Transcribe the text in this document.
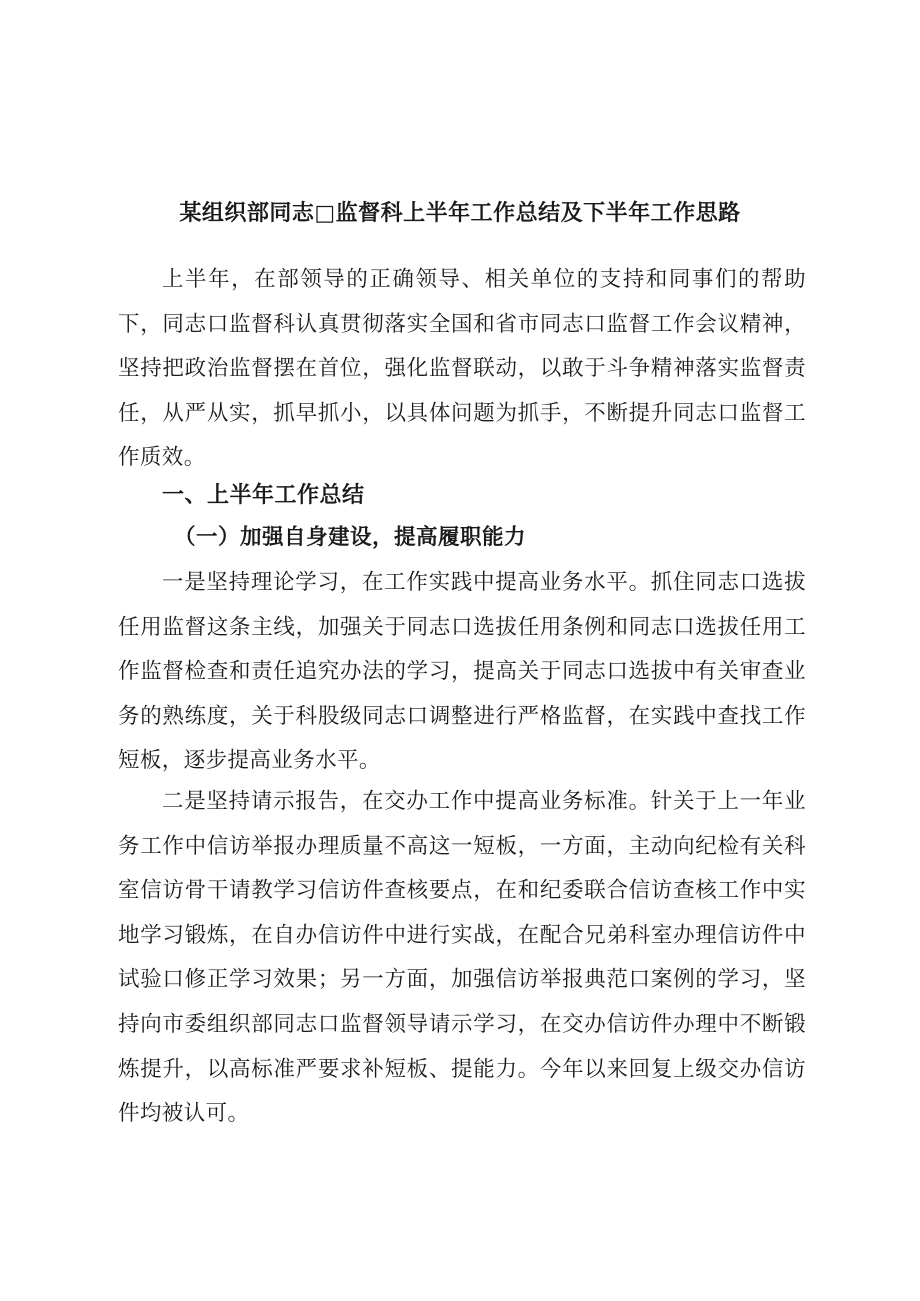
某组织部同志□监督科上半年工作总结及下半年工作思路

上半年，在部领导的正确领导、相关单位的支持和同事们的帮助下，同志口监督科认真贯彻落实全国和省市同志口监督工作会议精神，坚持把政治监督摆在首位，强化监督联动，以敢于斗争精神落实监督责任，从严从实，抓早抓小，以具体问题为抓手，不断提升同志口监督工作质效。

一、上半年工作总结
（一）加强自身建设，提高履职能力

一是坚持理论学习，在工作实践中提高业务水平。抓住同志口选拔任用监督这条主线，加强关于同志口选拔任用条例和同志口选拔任用工作监督检查和责任追究办法的学习，提高关于同志口选拔中有关审查业务的熟练度，关于科股级同志口调整进行严格监督，在实践中查找工作短板，逐步提高业务水平。

二是坚持请示报告，在交办工作中提高业务标准。针关于上一年业务工作中信访举报办理质量不高这一短板，一方面，主动向纪检有关科室信访骨干请教学习信访件查核要点，在和纪委联合信访查核工作中实地学习锻炼，在自办信访件中进行实战，在配合兄弟科室办理信访件中试验口修正学习效果；另一方面，加强信访举报典范口案例的学习，坚持向市委组织部同志口监督领导请示学习，在交办信访件办理中不断锻炼提升，以高标准严要求补短板、提能力。今年以来回复上级交办信访件均被认可。
